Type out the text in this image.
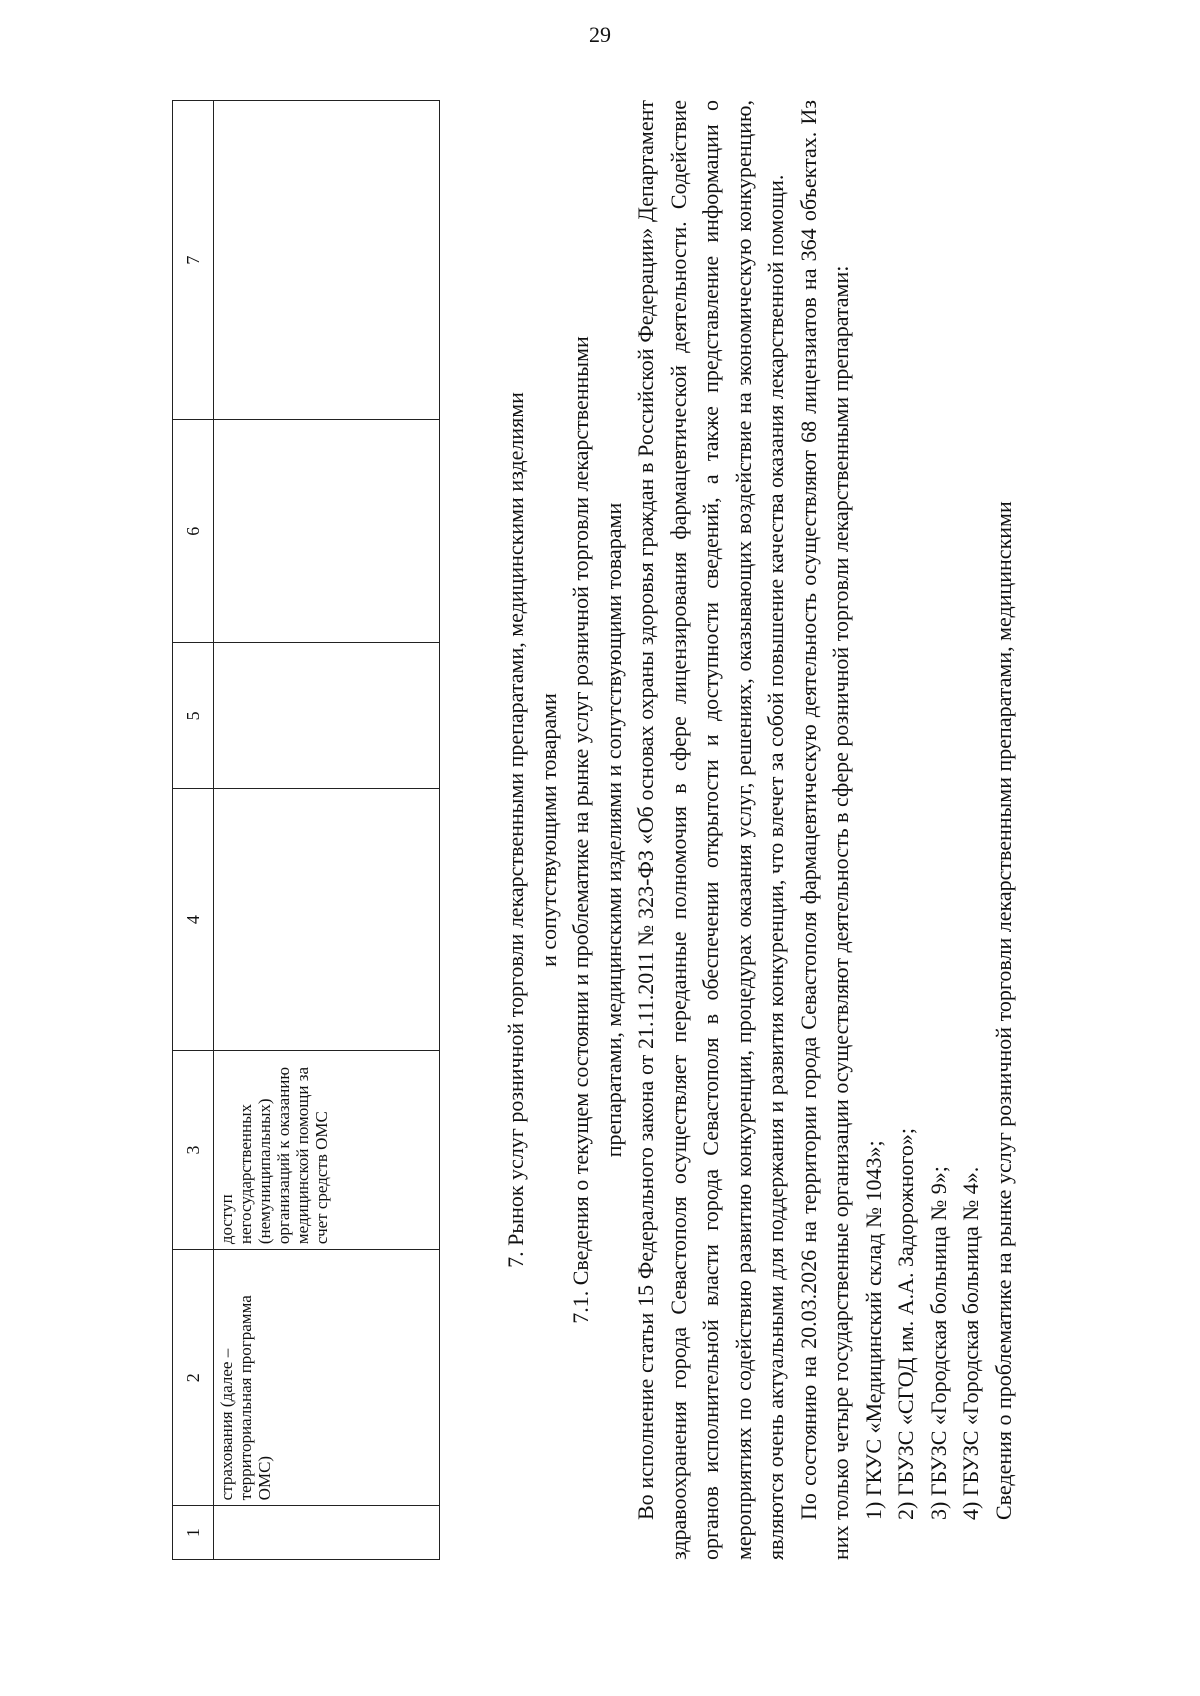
29
1	2	3	4	5	6	7
	страхования (далее – территориальная программа ОМС)	доступ негосударственных (немуниципальных) организаций к оказанию медицинской помощи за счет средств ОМС					7. Рынок услуг розничной торговли лекарственными препаратами, медицинскими изделиями и сопутствующими товарами 7.1. Сведения о текущем состоянии и проблематике на рынке услуг розничной торговли лекарственными препаратами, медицинскими изделиями и сопутствующими товарами Во исполнение статьи 15 Федерального закона от 21.11.2011 № 323-ФЗ «Об основах охраны здоровья граждан в Российской Федерации» Департамент здравоохранения города Севастополя осуществляет переданные полномочия в сфере лицензирования фармацевтической деятельности. Содействие органов исполнительной власти города Севастополя в обеспечении открытости и доступности сведений, а также представление информации о мероприятиях по содействию развитию конкуренции, процедурах оказания услуг, решениях, оказывающих воздействие на экономическую конкуренцию, являются очень актуальными для поддержания и развития конкуренции, что влечет за собой повышение качества оказания лекарственной помощи. По состоянию на 20.03.2026 на территории города Севастополя фармацевтическую деятельность осуществляют 68 лицензиатов на 364 объектах. Из них только четыре государственные организации осуществляют деятельность в сфере розничной торговли лекарственными препаратами: 1) ГКУС «Медицинский склад № 1043»; 2) ГБУЗС «СГОД им. А.А. Задорожного»; 3) ГБУЗС «Городская больница № 9»; 4) ГБУЗС «Городская больница № 4». Сведения о проблематике на рынке услуг розничной торговли лекарственными препаратами, медицинскими
